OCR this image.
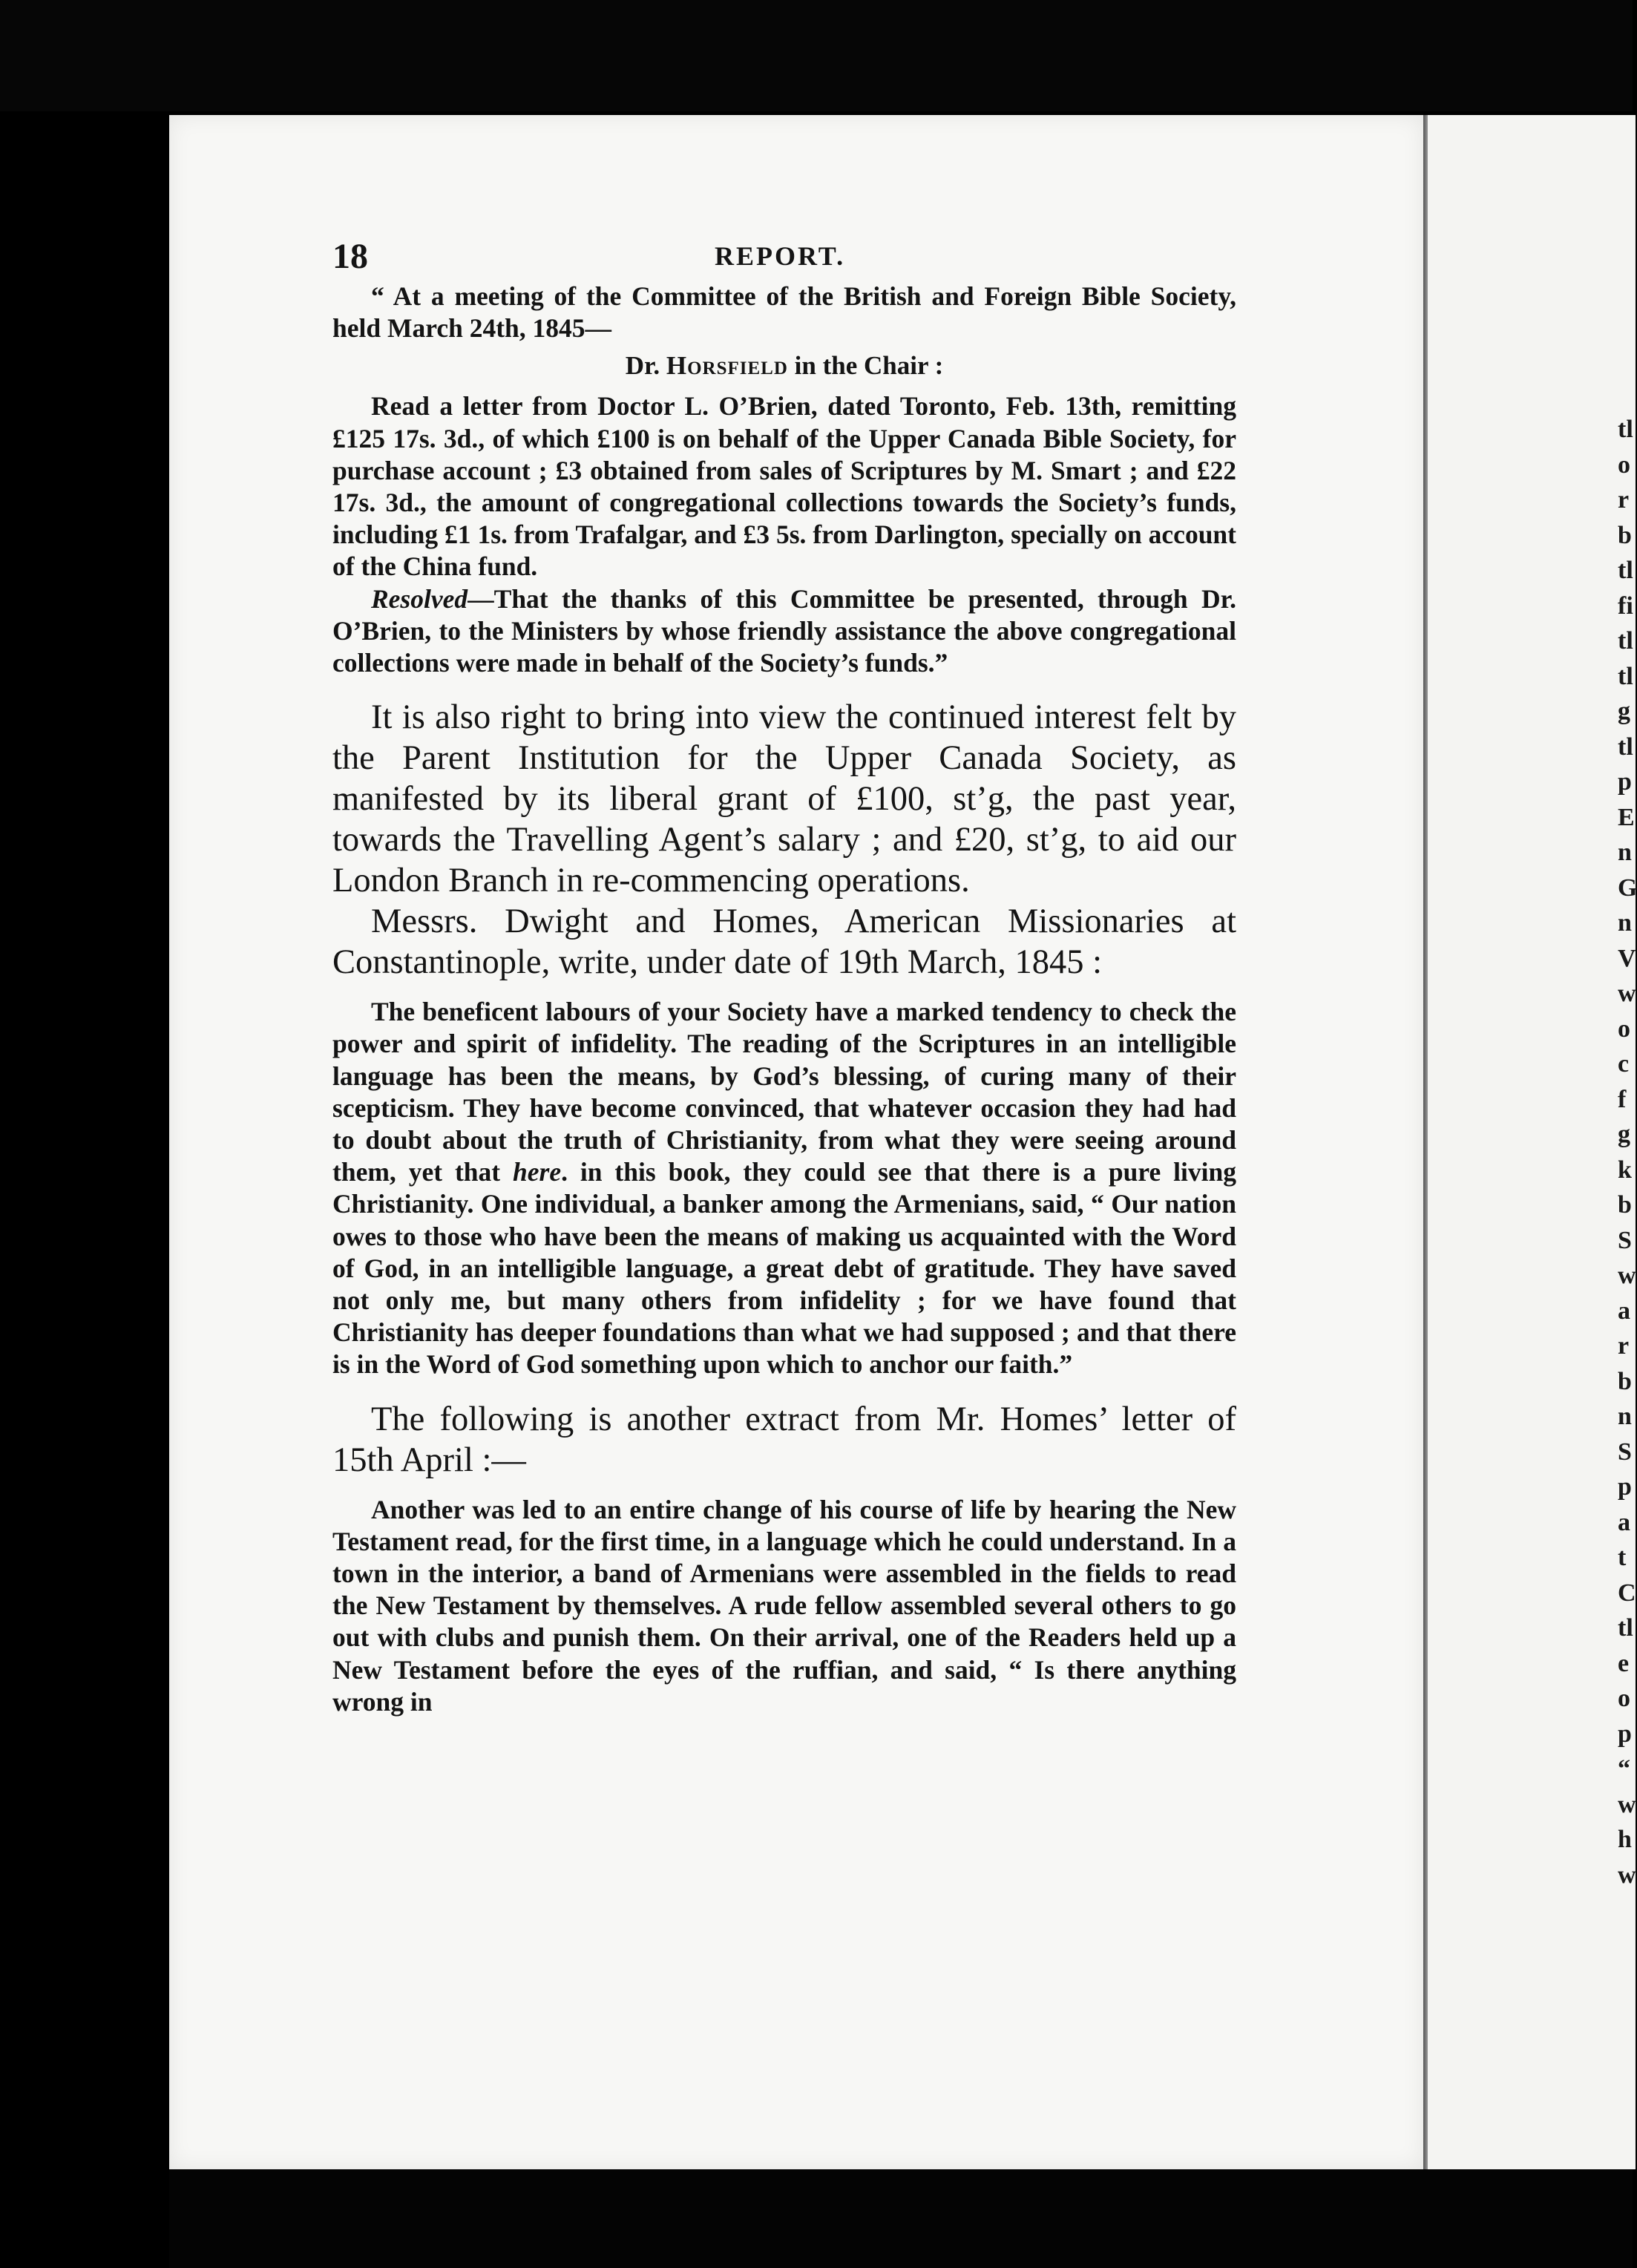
tl
o
r
b
tl
fi
tl
tl
g
tl
p
E
n
G
n
V
w
o
c
f
g
k
b
S
w
a
r
b
n
S
p
a
t
C
tl
e
o
p
“
w
h
w
18	REPORT.

“ At a meeting of the Committee of the British and Foreign Bible Society, held March 24th, 1845—

Dr. Horsfield in the Chair :

Read a letter from Doctor L. O’Brien, dated Toronto, Feb. 13th, remitting £125 17s. 3d., of which £100 is on behalf of the Upper Canada Bible Society, for purchase account ; £3 obtained from sales of Scriptures by M. Smart ; and £22 17s. 3d., the amount of congregational collections towards the Society’s funds, including £1 1s. from Trafalgar, and £3 5s. from Darlington, specially on account of the China fund.

Resolved—That the thanks of this Committee be presented, through Dr. O’Brien, to the Ministers by whose friendly assistance the above congregational collections were made in behalf of the Society’s funds.”

It is also right to bring into view the continued interest felt by the Parent Institution for the Upper Canada Society, as manifested by its liberal grant of £100, st’g, the past year, towards the Travelling Agent’s salary ; and £20, st’g, to aid our London Branch in re-commencing operations.

Messrs. Dwight and Homes, American Missionaries at Constantinople, write, under date of 19th March, 1845 :

The beneficent labours of your Society have a marked tendency to check the power and spirit of infidelity. The reading of the Scriptures in an intelligible language has been the means, by God’s blessing, of curing many of their scepticism. They have become convinced, that whatever occasion they had had to doubt about the truth of Christianity, from what they were seeing around them, yet that here. in this book, they could see that there is a pure living Christianity. One individual, a banker among the Armenians, said, “ Our nation owes to those who have been the means of making us acquainted with the Word of God, in an intelligible language, a great debt of gratitude. They have saved not only me, but many others from infidelity ; for we have found that Christianity has deeper foundations than what we had supposed ; and that there is in the Word of God something upon which to anchor our faith.”

The following is another extract from Mr. Homes’ letter of 15th April :—

Another was led to an entire change of his course of life by hearing the New Testament read, for the first time, in a language which he could understand. In a town in the interior, a band of Armenians were assembled in the fields to read the New Testament by themselves. A rude fellow assembled several others to go out with clubs and punish them. On their arrival, one of the Readers held up a New Testament before the eyes of the ruffian, and said, “ Is there anything wrong in
